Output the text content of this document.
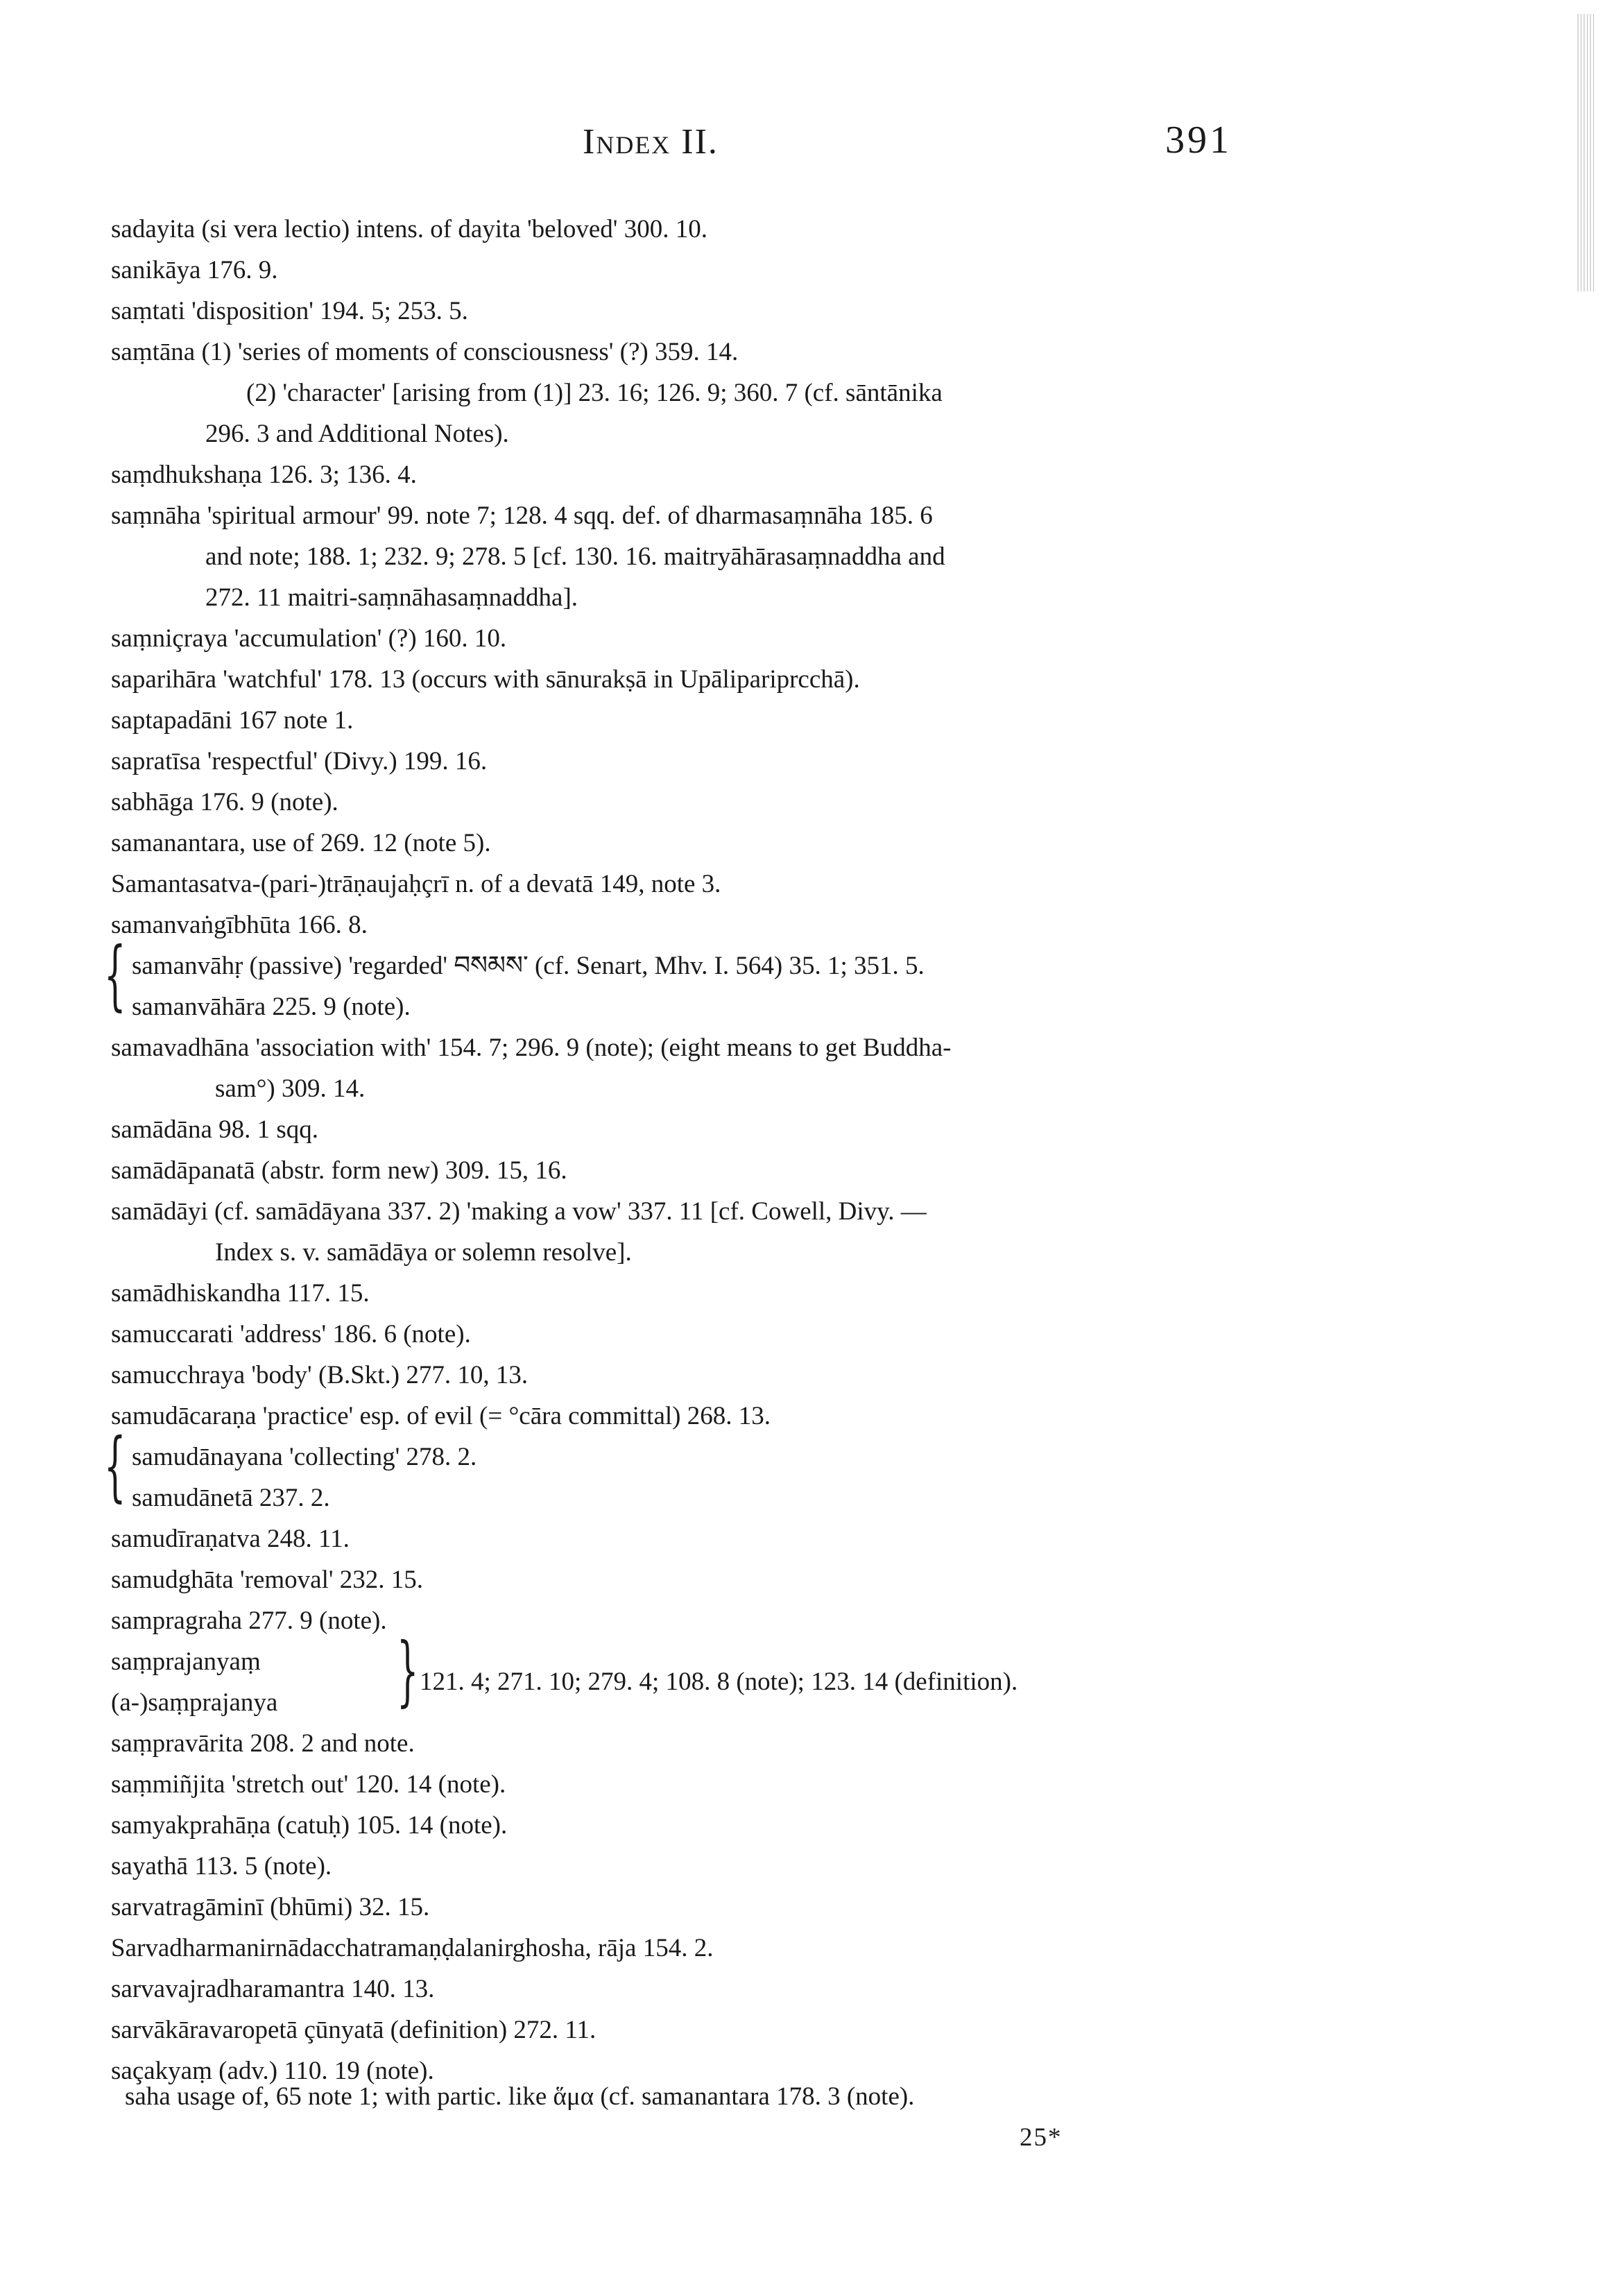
Index II.	391
sadayita (si vera lectio) intens. of dayita 'beloved' 300. 10.
sanikāya 176. 9.
saṃtati 'disposition' 194. 5; 253. 5.
saṃtāna (1) 'series of moments of consciousness' (?) 359. 14.
(2) 'character' [arising from (1)] 23. 16; 126. 9; 360. 7 (cf. sāntānika
296. 3 and Additional Notes).
saṃdhukshaṇa 126. 3; 136. 4.
saṃnāha 'spiritual armour' 99. note 7; 128. 4 sqq. def. of dharmasaṃnāha 185. 6
and note; 188. 1; 232. 9; 278. 5 [cf. 130. 16. maitryāhārasaṃnaddha and
272. 11 maitri-saṃnāhasaṃnaddha].
saṃniçraya 'accumulation' (?) 160. 10.
saparihāra 'watchful' 178. 13 (occurs with sānurakṣā in Upālipariprcchā).
saptapadāni 167 note 1.
sapratīsa 'respectful' (Divy.) 199. 16.
sabhāga 176. 9 (note).
samanantara, use of 269. 12 (note 5).
Samantasatva-(pari-)trāṇaujaḥçrī n. of a devatā 149, note 3.
samanvaṅgībhūta 166. 8.
{ samanvāhṛ (passive) 'regarded' བསམས་ (cf. Senart, Mhv. I. 564) 35. 1; 351. 5.
samanvāhāra 225. 9 (note).
samavadhāna 'association with' 154. 7; 296. 9 (note); (eight means to get Buddha-
sam°) 309. 14.
samādāna 98. 1 sqq.
samādāpanatā (abstr. form new) 309. 15, 16.
samādāyi (cf. samādāyana 337. 2) 'making a vow' 337. 11 [cf. Cowell, Divy. —
Index s. v. samādāya or solemn resolve].
samādhiskandha 117. 15.
samuccarati 'address' 186. 6 (note).
samucchraya 'body' (B.Skt.) 277. 10, 13.
samudācaraṇa 'practice' esp. of evil (= °cāra committal) 268. 13.
{ samudānayana 'collecting' 278. 2.
samudānetā 237. 2.
samudīraṇatva 248. 11.
samudghāta 'removal' 232. 15.
sampragraha 277. 9 (note).
saṃprajanyaṃ
(a-)saṃprajanya } 121. 4; 271. 10; 279. 4; 108. 8 (note); 123. 14 (definition).
saṃpravārita 208. 2 and note.
saṃmiñjita 'stretch out' 120. 14 (note).
samyakprahāṇa (catuḥ) 105. 14 (note).
sayathā 113. 5 (note).
sarvatragāminī (bhūmi) 32. 15.
Sarvadharmanirnādacchatramaṇḍalanirghosha, rāja 154. 2.
sarvavajradharamantra 140. 13.
sarvākāravaropetā çūnyatā (definition) 272. 11.
saçakyaṃ (adv.) 110. 19 (note).
saha usage of, 65 note 1; with partic. like ἅμα (cf. samanantara 178. 3 (note).
25*
